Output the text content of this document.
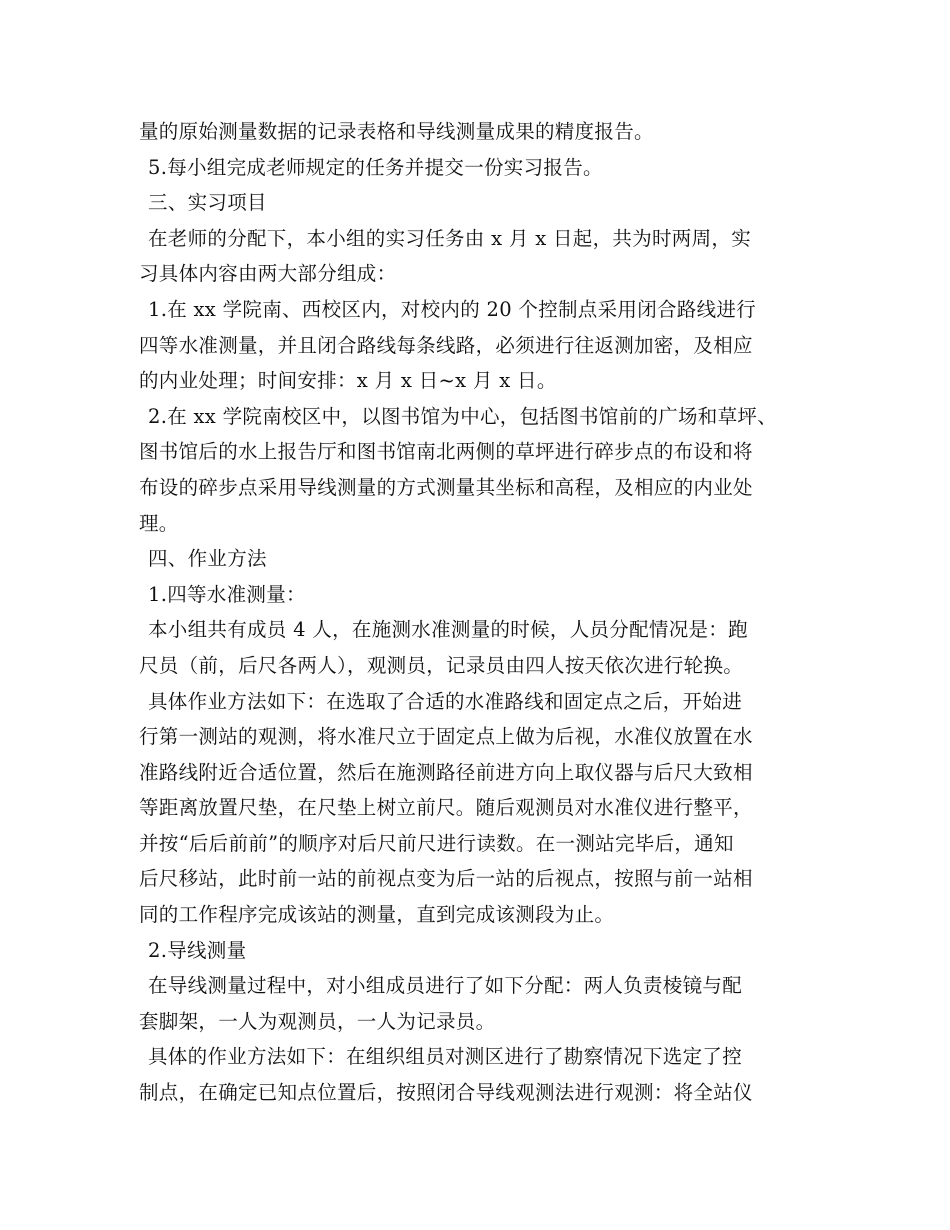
量的原始测量数据的记录表格和导线测量成果的精度报告。
5.每小组完成老师规定的任务并提交一份实习报告。
三、实习项目
在老师的分配下，本小组的实习任务由 x 月 x 日起，共为时两周，实
习具体内容由两大部分组成：
1.在 xx 学院南、西校区内，对校内的 20 个控制点采用闭合路线进行
四等水准测量，并且闭合路线每条线路，必须进行往返测加密，及相应
的内业处理；时间安排：x 月 x 日~x 月 x 日。
2.在 xx 学院南校区中，以图书馆为中心，包括图书馆前的广场和草坪、
图书馆后的水上报告厅和图书馆南北两侧的草坪进行碎步点的布设和将
布设的碎步点采用导线测量的方式测量其坐标和高程，及相应的内业处
理。
四、作业方法
1.四等水准测量：
本小组共有成员 4 人，在施测水准测量的时候，人员分配情况是：跑
尺员（前，后尺各两人），观测员，记录员由四人按天依次进行轮换。
具体作业方法如下：在选取了合适的水准路线和固定点之后，开始进
行第一测站的观测，将水准尺立于固定点上做为后视，水准仪放置在水
准路线附近合适位置，然后在施测路径前进方向上取仪器与后尺大致相
等距离放置尺垫，在尺垫上树立前尺。随后观测员对水准仪进行整平，
并按“后后前前”的顺序对后尺前尺进行读数。在一测站完毕后，通知
后尺移站，此时前一站的前视点变为后一站的后视点，按照与前一站相
同的工作程序完成该站的测量，直到完成该测段为止。
2.导线测量
在导线测量过程中，对小组成员进行了如下分配：两人负责棱镜与配
套脚架，一人为观测员，一人为记录员。
具体的作业方法如下：在组织组员对测区进行了勘察情况下选定了控
制点，在确定已知点位置后，按照闭合导线观测法进行观测：将全站仪
